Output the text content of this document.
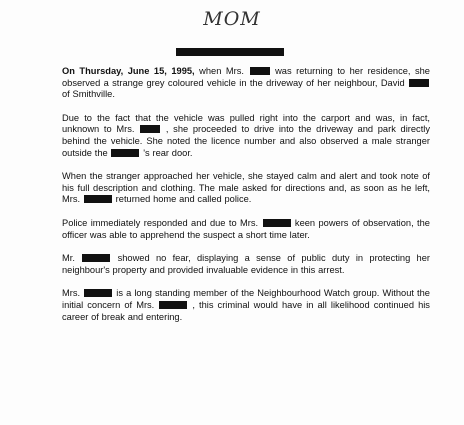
MOM

On Thursday, June 15, 1995, when Mrs.	was returning to her residence, she observed a strange grey coloured vehicle in the driveway of her neighbour, David  of Smithville.

Due to the fact that the vehicle was pulled right into the carport and was, in fact, unknown to Mrs.	, she proceeded to drive into the driveway and park directly behind the vehicle. She noted the licence number and also observed a male stranger outside the	's rear door.

When the stranger approached her vehicle, she stayed calm and alert and took note of his full description and clothing. The male asked for directions and, as soon as he left, Mrs.	returned home and called police.

Police immediately responded and due to Mrs.	keen powers of observation, the officer was able to apprehend the suspect a short time later.

Mr.	showed no fear, displaying a sense of public duty in protecting her neighbour's property and provided invaluable evidence in this arrest.

Mrs.	is a long standing member of the Neighbourhood Watch group. Without the initial concern of Mrs.	, this criminal would have in all likelihood continued his career of break and entering.
